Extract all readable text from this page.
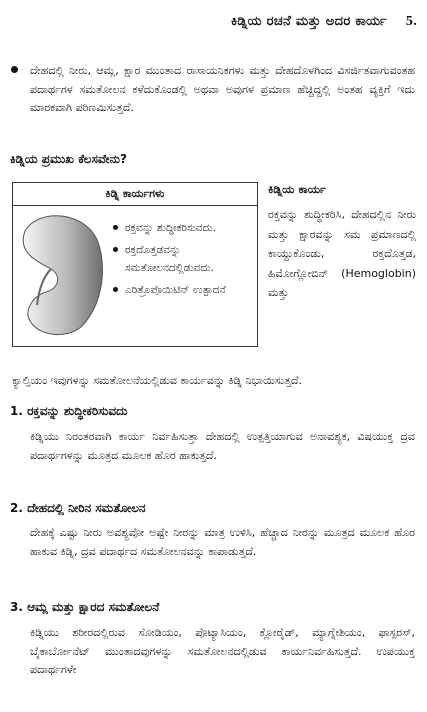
ಕಿಡ್ನಿಯ ರಚನೆ ಮತ್ತು ಅದರ ಕಾರ್ಯ 5.
ದೇಹದಲ್ಲಿ ನೀರು, ಆಮ್ಲ, ಕ್ಷಾರ ಮುಂತಾದ ರಾಸಾಯನಿಕಗಳು ಮತ್ತು ದೇಹದೊಳಗಿಂದ ವಿಸರ್ಜಿತವಾಗುವಂತಹ ಪದಾರ್ಥಗಳ ಸಮತೋಲನ ಕಳೆದುಕೊಂಡಲ್ಲಿ ಅಥವಾ ಅವುಗಳ ಪ್ರಮಾಣ ಹೆಚ್ಚಿದ್ದಲ್ಲಿ ಅಂತಹ ವ್ಯಕ್ತಿಗೆ ಇದು ಮಾರಕವಾಗಿ ಪರಿಣಮಿಸುತ್ತದೆ.
ಕಿಡ್ನಿಯ ಪ್ರಮುಖ ಕೆಲಸವೇನು?
ಕಿಡ್ನಿ ಕಾರ್ಯಗಳು
ರಕ್ತವನ್ನು ಶುದ್ಧೀಕರಿಸುವದು.
ರಕ್ತದೊತ್ತಡವನ್ನು ಸಮತೋಲನದಲ್ಲಿಡುವದು.
ಎರಿತ್ರೊಪೊಯಿಟಿನ್ ಉತ್ಪಾದನೆ
ಕಿಡ್ನಿಯ ಕಾರ್ಯ
ರಕ್ತವನ್ನು ಶುದ್ಧೀಕರಿಸಿ, ದೇಹದಲ್ಲಿನ ನೀರು ಮತ್ತು ಕ್ಷಾರವನ್ನು ಸಮ ಪ್ರಮಾಣದಲ್ಲಿ ಕಾಯ್ದುಕೊಂಡು, ರಕ್ತದೊತ್ತಡ, ಹಿಮೋಗ್ಲೋಬಿನ್ (Hemoglobin) ಮತ್ತು
ಕ್ಯಾಲ್ಸಿಯಂ ಇವುಗಳನ್ನು ಸಮತೋಲನೆಯಲ್ಲಿಡುವ ಕಾರ್ಯವನ್ನು ಕಿಡ್ನಿ ನಿಭಾಯಿಸುತ್ತದೆ.
1. ರಕ್ತವನ್ನು ಶುದ್ಧೀಕರಿಸುವದು
ಕಿಡ್ನಿಯು ನಿರಂತರವಾಗಿ ಕಾರ್ಯ ನಿರ್ವಹಿಸುತ್ತಾ ದೇಹದಲ್ಲಿ ಉತ್ಪತ್ತಿಯಾಗುವ ಅನಾವಶ್ಯಕ, ವಿಷಯುಕ್ತ ದ್ರವ ಪದಾರ್ಥಗಳನ್ನು ಮೂತ್ರದ ಮೂಲಕ ಹೊರ ಹಾಕುತ್ತದೆ.
2. ದೇಹದಲ್ಲಿ ನೀರಿನ ಸಮತೋಲನ
ದೇಹಕ್ಕೆ ಎಷ್ಟು ನೀರು ಅವಶ್ಯವೋ ಅಷ್ಟೇ ನೀರನ್ನು ಮಾತ್ರ ಉಳಿಸಿ, ಹೆಚ್ಚಾದ ನೀರನ್ನು ಮೂತ್ರದ ಮೂಲಕ ಹೊರ ಹಾಕುವ ಕಿಡ್ನಿ, ದ್ರವ ಪದಾರ್ಥದ ಸಮತೋಲನವನ್ನು ಕಾಪಾಡುತ್ತದೆ.
3. ಆಮ್ಲ ಮತ್ತು ಕ್ಷಾರದ ಸಮತೋಲನೆ
ಕಿಡ್ನಿಯು ಶರೀರದಲ್ಲಿರುವ ಸೋಡಿಯಂ, ಪೊಟ್ಯಾಸಿಯಂ, ಕ್ಲೋರೈಡ್, ಮ್ಯಾಗ್ನೇಶಿಯಂ, ಫಾಸ್ಪರಸ್, ಬೈಕಾರ್ಬೋನೆಟ್ ಮುಂತಾದವುಗಳನ್ನು ಸಮತೋಲನದಲ್ಲಿಡುವ ಕಾರ್ಯನಿರ್ವಹಿಸುತ್ತದೆ. ಉಪಯುಕ್ತ ಪದಾರ್ಥಗಳೇ
